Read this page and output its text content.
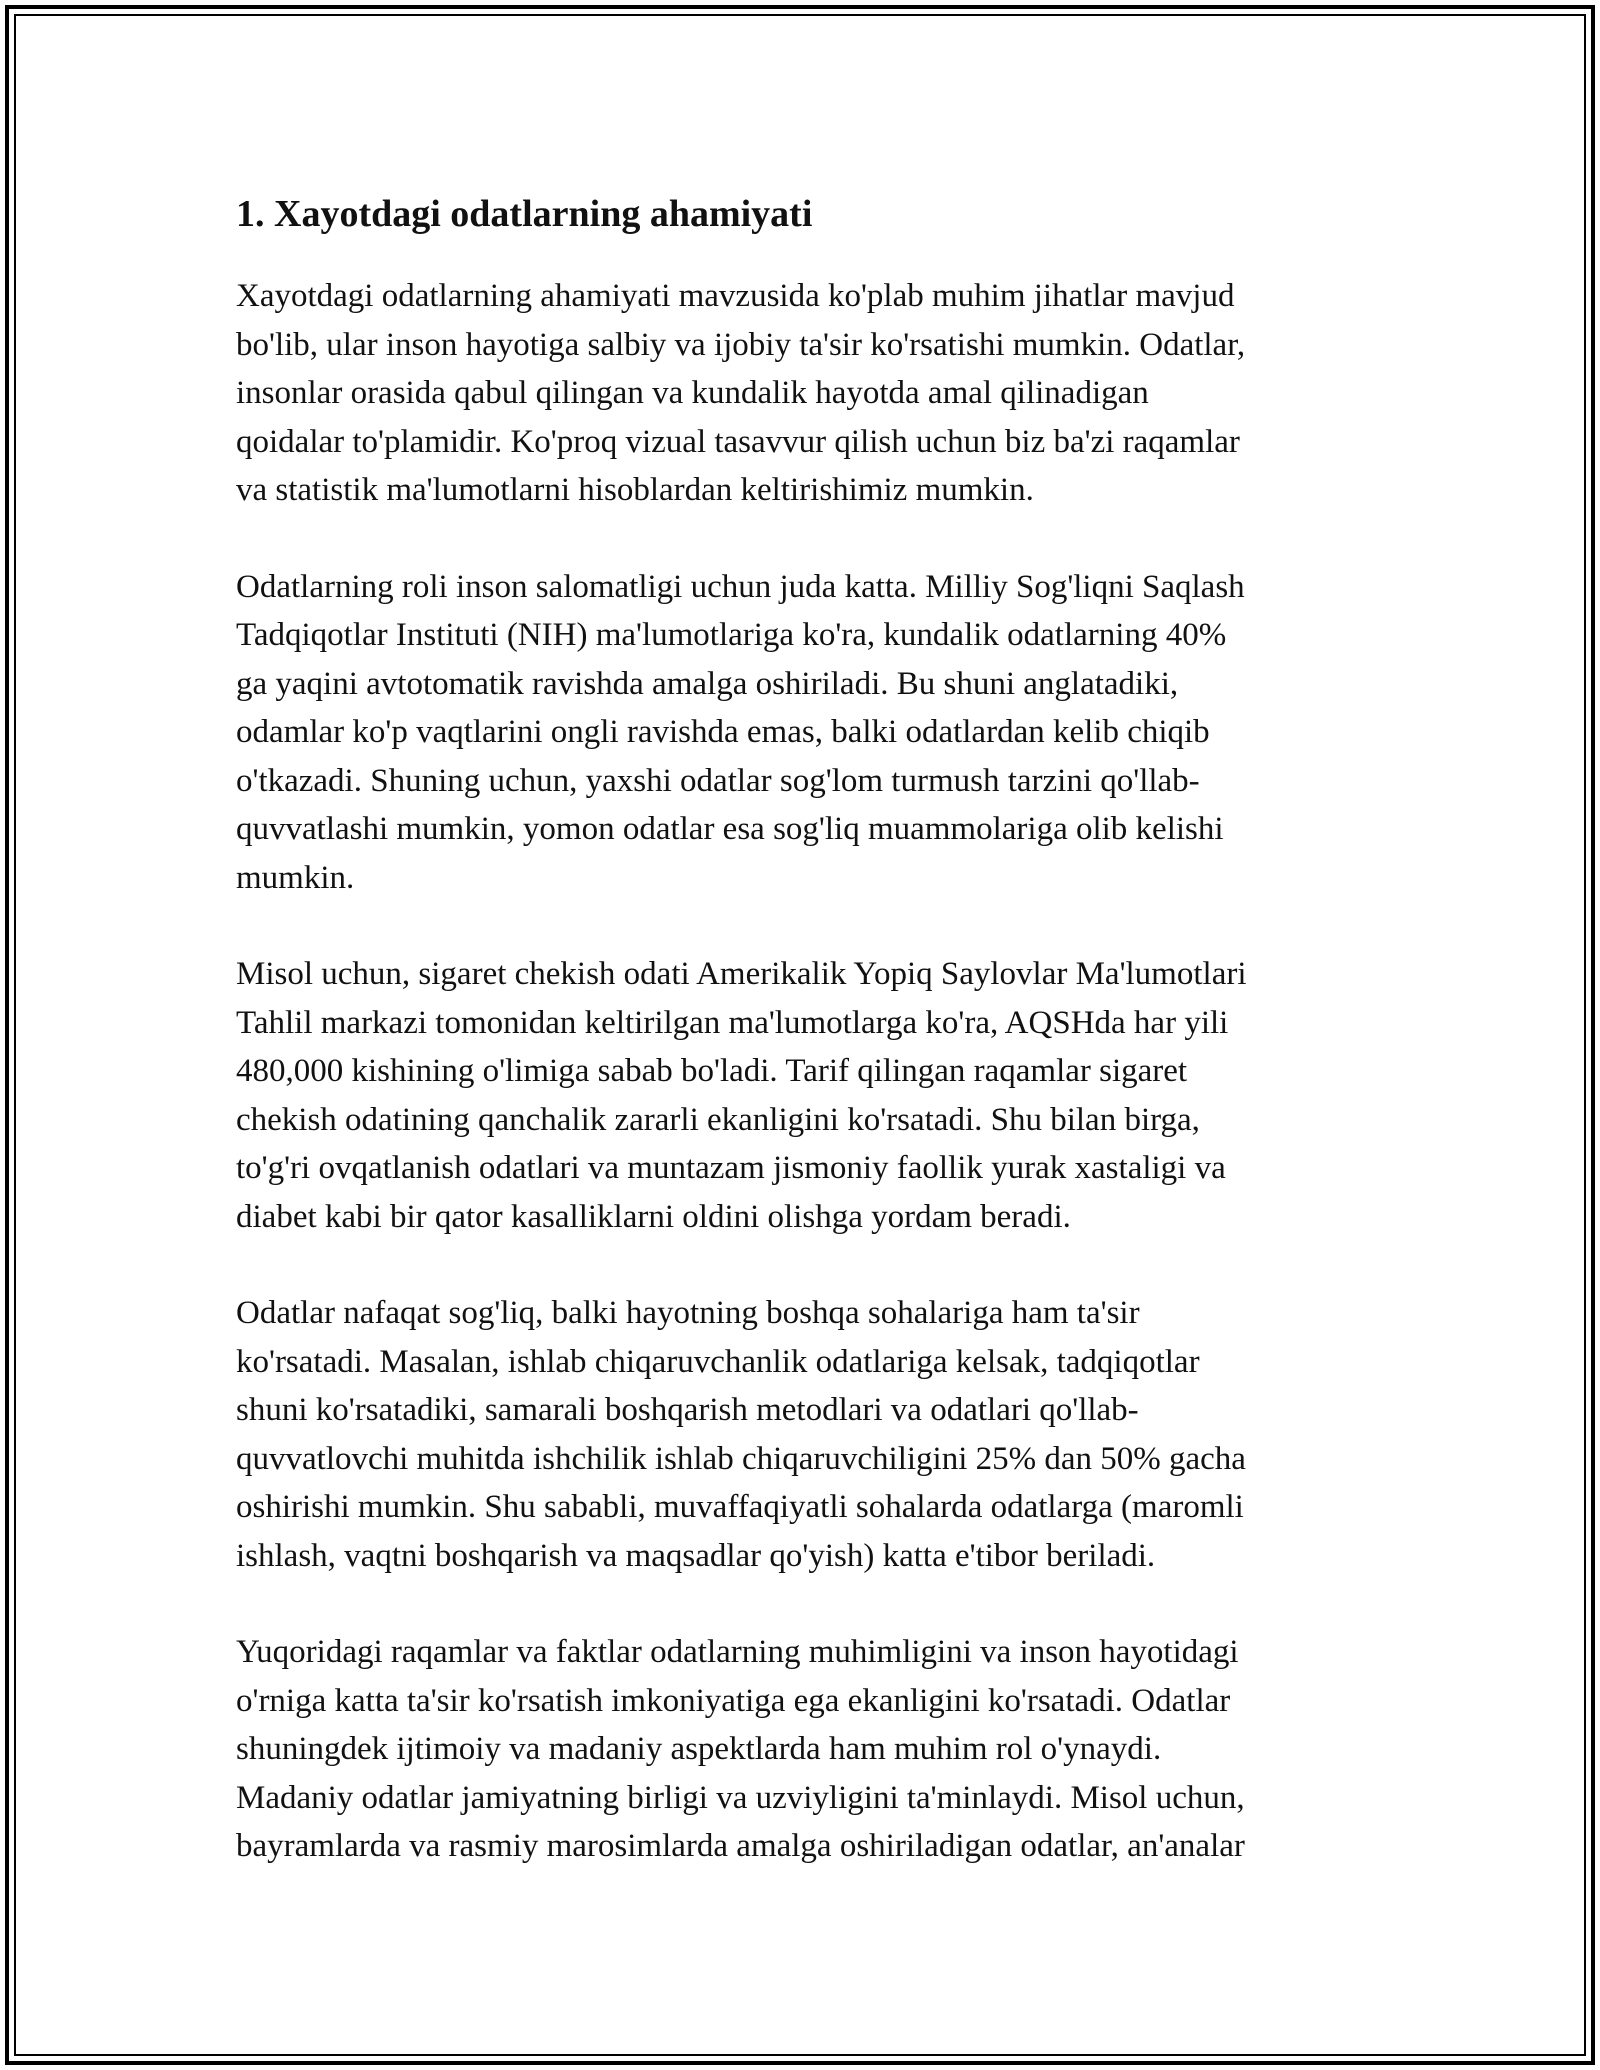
1. Xayotdagi odatlarning ahamiyati

Xayotdagi odatlarning ahamiyati mavzusida ko'plab muhim jihatlar mavjud
bo'lib, ular inson hayotiga salbiy va ijobiy ta'sir ko'rsatishi mumkin. Odatlar,
insonlar orasida qabul qilingan va kundalik hayotda amal qilinadigan
qoidalar to'plamidir. Ko'proq vizual tasavvur qilish uchun biz ba'zi raqamlar
va statistik ma'lumotlarni hisoblardan keltirishimiz mumkin.

Odatlarning roli inson salomatligi uchun juda katta. Milliy Sog'liqni Saqlash
Tadqiqotlar Instituti (NIH) ma'lumotlariga ko'ra, kundalik odatlarning 40%
ga yaqini avtotomatik ravishda amalga oshiriladi. Bu shuni anglatadiki,
odamlar ko'p vaqtlarini ongli ravishda emas, balki odatlardan kelib chiqib
o'tkazadi. Shuning uchun, yaxshi odatlar sog'lom turmush tarzini qo'llab-
quvvatlashi mumkin, yomon odatlar esa sog'liq muammolariga olib kelishi
mumkin.

Misol uchun, sigaret chekish odati Amerikalik Yopiq Saylovlar Ma'lumotlari
Tahlil markazi tomonidan keltirilgan ma'lumotlarga ko'ra, AQSHda har yili
480,000 kishining o'limiga sabab bo'ladi. Tarif qilingan raqamlar sigaret
chekish odatining qanchalik zararli ekanligini ko'rsatadi. Shu bilan birga,
to'g'ri ovqatlanish odatlari va muntazam jismoniy faollik yurak xastaligi va
diabet kabi bir qator kasalliklarni oldini olishga yordam beradi.

Odatlar nafaqat sog'liq, balki hayotning boshqa sohalariga ham ta'sir
ko'rsatadi. Masalan, ishlab chiqaruvchanlik odatlariga kelsak, tadqiqotlar
shuni ko'rsatadiki, samarali boshqarish metodlari va odatlari qo'llab-
quvvatlovchi muhitda ishchilik ishlab chiqaruvchiligini 25% dan 50% gacha
oshirishi mumkin. Shu sababli, muvaffaqiyatli sohalarda odatlarga (maromli
ishlash, vaqtni boshqarish va maqsadlar qo'yish) katta e'tibor beriladi.

Yuqoridagi raqamlar va faktlar odatlarning muhimligini va inson hayotidagi
o'rniga katta ta'sir ko'rsatish imkoniyatiga ega ekanligini ko'rsatadi. Odatlar
shuningdek ijtimoiy va madaniy aspektlarda ham muhim rol o'ynaydi.
Madaniy odatlar jamiyatning birligi va uzviyligini ta'minlaydi. Misol uchun,
bayramlarda va rasmiy marosimlarda amalga oshiriladigan odatlar, an'analar
